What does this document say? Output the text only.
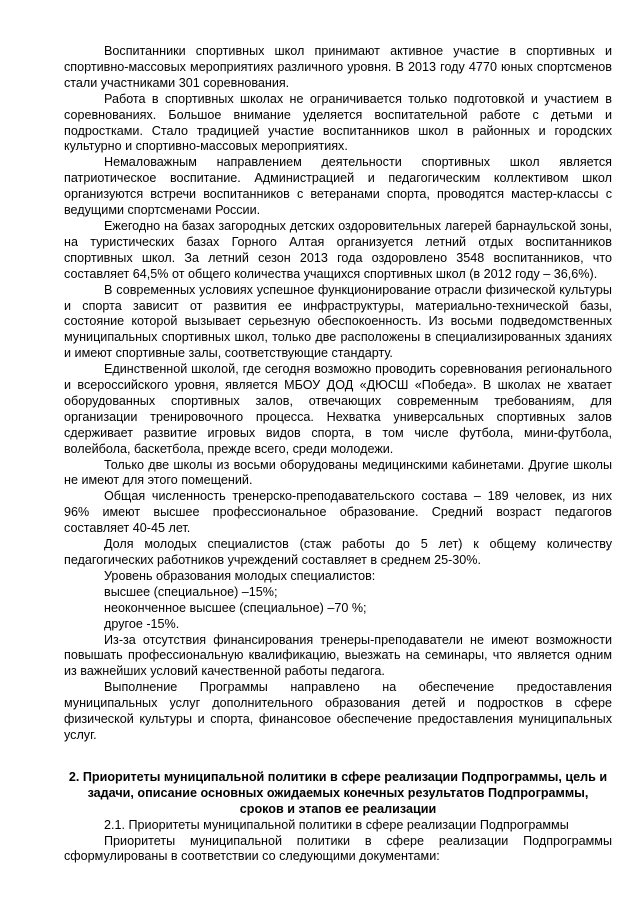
Воспитанники спортивных школ принимают активное участие в спортивных и спортивно-массовых мероприятиях различного уровня. В 2013 году 4770 юных спортсменов стали участниками 301 соревнования.

Работа в спортивных школах не ограничивается только подготовкой и участием в соревнованиях. Большое внимание уделяется воспитательной работе с детьми и подростками. Стало традицией участие воспитанников школ в районных и городских культурно и спортивно-массовых мероприятиях.

Немаловажным направлением деятельности спортивных школ является патриотическое воспитание. Администрацией и педагогическим коллективом школ организуются встречи воспитанников с ветеранами спорта, проводятся мастер-классы с ведущими спортсменами России.

Ежегодно на базах загородных детских оздоровительных лагерей барнаульской зоны, на туристических базах Горного Алтая организуется летний отдых воспитанников спортивных школ. За летний сезон 2013 года оздоровлено 3548 воспитанников, что составляет 64,5% от общего количества учащихся спортивных школ (в 2012 году – 36,6%).

В современных условиях успешное функционирование отрасли физической культуры и спорта зависит от развития ее инфраструктуры, материально-технической базы, состояние которой вызывает серьезную обеспокоенность. Из восьми подведомственных муниципальных спортивных школ, только две расположены в специализированных зданиях и имеют спортивные залы, соответствующие стандарту.

Единственной школой, где сегодня возможно проводить соревнования регионального и всероссийского уровня, является МБОУ ДОД «ДЮСШ «Победа». В школах не хватает оборудованных спортивных залов, отвечающих современным требованиям, для организации тренировочного процесса. Нехватка универсальных спортивных залов сдерживает развитие игровых видов спорта, в том числе футбола, мини-футбола, волейбола, баскетбола, прежде всего, среди молодежи.

Только две школы из восьми оборудованы медицинскими кабинетами. Другие школы не имеют для этого помещений.

Общая численность тренерско-преподавательского состава – 189 человек, из них 96% имеют высшее профессиональное образование. Средний возраст педагогов составляет 40-45 лет.

Доля молодых специалистов (стаж работы до 5 лет) к общему количеству педагогических работников учреждений составляет в среднем 25-30%.

Уровень образования молодых специалистов:

высшее (специальное) –15%;

неоконченное высшее (специальное) –70 %;

другое -15%.

Из-за отсутствия финансирования тренеры-преподаватели не имеют возможности повышать профессиональную квалификацию, выезжать на семинары, что является одним из важнейших условий качественной работы педагога.

Выполнение Программы направлено на обеспечение предоставления муниципальных услуг дополнительного образования детей и подростков в сфере физической культуры и спорта, финансовое обеспечение предоставления муниципальных услуг.

2. Приоритеты муниципальной политики в сфере реализации Подпрограммы, цель и задачи, описание основных ожидаемых конечных результатов Подпрограммы, сроков и этапов ее реализации

2.1. Приоритеты муниципальной политики в сфере реализации Подпрограммы

Приоритеты муниципальной политики в сфере реализации Подпрограммы сформулированы в соответствии со следующими документами:
